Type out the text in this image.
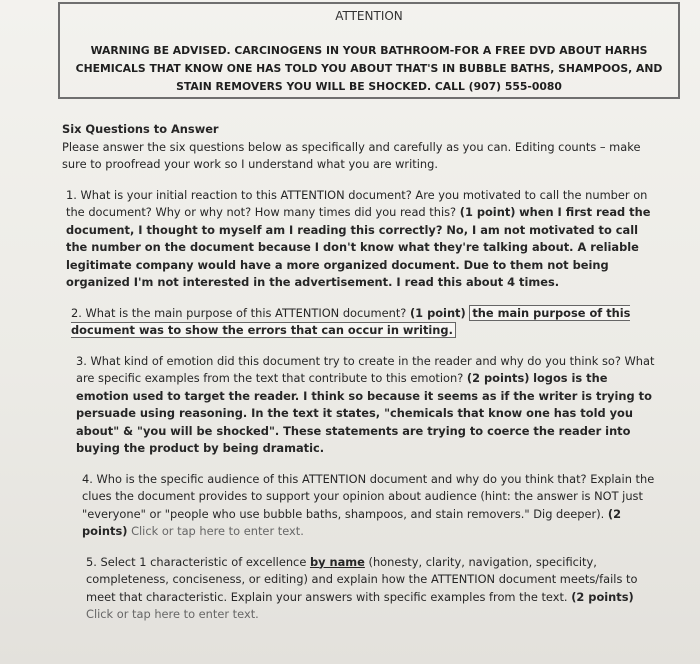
ATTENTION
WARNING BE ADVISED. CARCINOGENS IN YOUR BATHROOM-FOR A FREE DVD ABOUT HARHS CHEMICALS THAT KNOW ONE HAS TOLD YOU ABOUT THAT'S IN BUBBLE BATHS, SHAMPOOS, AND STAIN REMOVERS YOU WILL BE SHOCKED. CALL (907) 555-0080
Six Questions to Answer
Please answer the six questions below as specifically and carefully as you can. Editing counts – make sure to proofread your work so I understand what you are writing.
1. What is your initial reaction to this ATTENTION document? Are you motivated to call the number on the document? Why or why not? How many times did you read this? (1 point) when I first read the document, I thought to myself am I reading this correctly? No, I am not motivated to call the number on the document because I don't know what they're talking about. A reliable legitimate company would have a more organized document. Due to them not being organized I'm not interested in the advertisement. I read this about 4 times.
2. What is the main purpose of this ATTENTION document? (1 point) the main purpose of this document was to show the errors that can occur in writing.
3. What kind of emotion did this document try to create in the reader and why do you think so? What are specific examples from the text that contribute to this emotion? (2 points) logos is the emotion used to target the reader. I think so because it seems as if the writer is trying to persuade using reasoning. In the text it states, "chemicals that know one has told you about" & "you will be shocked". These statements are trying to coerce the reader into buying the product by being dramatic.
4. Who is the specific audience of this ATTENTION document and why do you think that? Explain the clues the document provides to support your opinion about audience (hint: the answer is NOT just "everyone" or "people who use bubble baths, shampoos, and stain removers." Dig deeper). (2 points) Click or tap here to enter text.
5. Select 1 characteristic of excellence by name (honesty, clarity, navigation, specificity, completeness, conciseness, or editing) and explain how the ATTENTION document meets/fails to meet that characteristic. Explain your answers with specific examples from the text. (2 points) Click or tap here to enter text.
